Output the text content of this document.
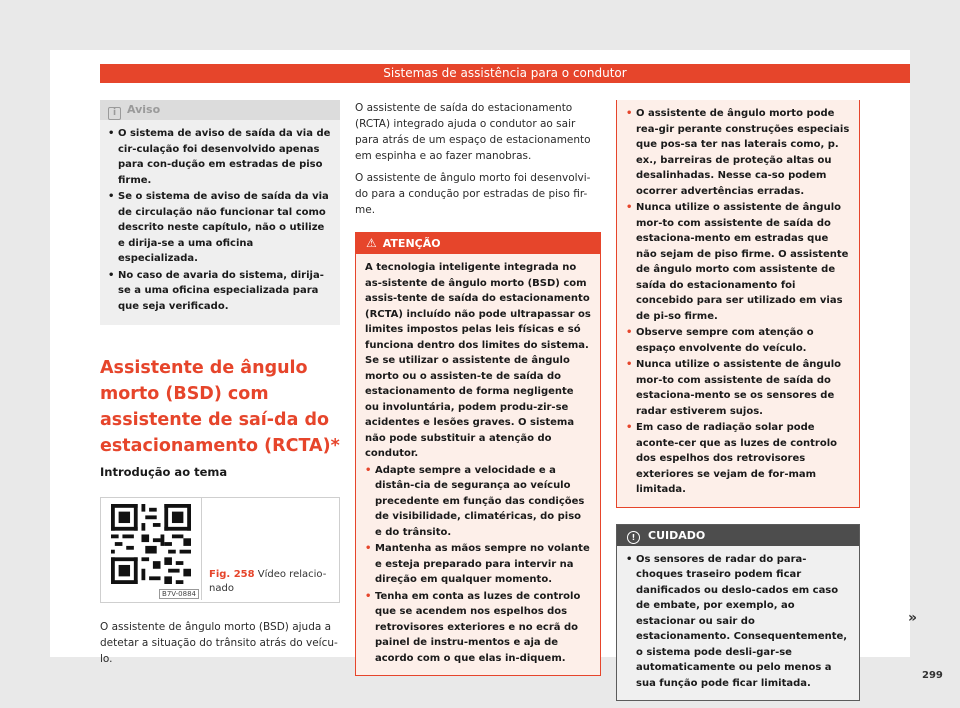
Sistemas de assistência para o condutor
i Aviso
• O sistema de aviso de saída da via de cir-culação foi desenvolvido apenas para con-dução em estradas de piso firme.
• Se o sistema de aviso de saída da via de circulação não funcionar tal como descrito neste capítulo, não o utilize e dirija-se a uma oficina especializada.
• No caso de avaria do sistema, dirija-se a uma oficina especializada para que seja verificado.
Assistente de ângulo morto (BSD) com assistente de saí-da do estacionamento (RCTA)*
Introdução ao tema
B7V-0884
Fig. 258 Vídeo relacio-nado

O assistente de ângulo morto (BSD) ajuda a detetar a situação do trânsito atrás do veícu-lo.

O assistente de saída do estacionamento (RCTA) integrado ajuda o condutor ao sair para atrás de um espaço de estacionamento em espinha e ao fazer manobras.

O assistente de ângulo morto foi desenvolvi-do para a condução por estradas de piso fir-me.

⚠ ATENÇÃO
A tecnologia inteligente integrada no as-sistente de ângulo morto (BSD) com assis-tente de saída do estacionamento (RCTA) incluído não pode ultrapassar os limites impostos pelas leis físicas e só funciona dentro dos limites do sistema. Se se utilizar o assistente de ângulo morto ou o assisten-te de saída do estacionamento de forma negligente ou involuntária, podem produ-zir-se acidentes e lesões graves. O sistema não pode substituir a atenção do condutor.
• Adapte sempre a velocidade e a distân-cia de segurança ao veículo precedente em função das condições de visibilidade, climatéricas, do piso e do trânsito.
• Mantenha as mãos sempre no volante e esteja preparado para intervir na direção em qualquer momento.
• Tenha em conta as luzes de controlo que se acendem nos espelhos dos retrovisores exteriores e no ecrã do painel de instru-mentos e aja de acordo com o que elas in-diquem.
• O assistente de ângulo morto pode rea-gir perante construções especiais que pos-sa ter nas laterais como, p. ex., barreiras de proteção altas ou desalinhadas. Nesse ca-so podem ocorrer advertências erradas.
• Nunca utilize o assistente de ângulo mor-to com assistente de saída do estaciona-mento em estradas que não sejam de piso firme. O assistente de ângulo morto com assistente de saída do estacionamento foi concebido para ser utilizado em vias de pi-so firme.
• Observe sempre com atenção o espaço envolvente do veículo.
• Nunca utilize o assistente de ângulo mor-to com assistente de saída do estaciona-mento se os sensores de radar estiverem sujos.
• Em caso de radiação solar pode aconte-cer que as luzes de controlo dos espelhos dos retrovisores exteriores se vejam de for-mam limitada.
! CUIDADO
• Os sensores de radar do para-choques traseiro podem ficar danificados ou deslo-cados em caso de embate, por exemplo, ao estacionar ou sair do estacionamento. Consequentemente, o sistema pode desli-gar-se automaticamente ou pelo menos a sua função pode ficar limitada.
»
299
